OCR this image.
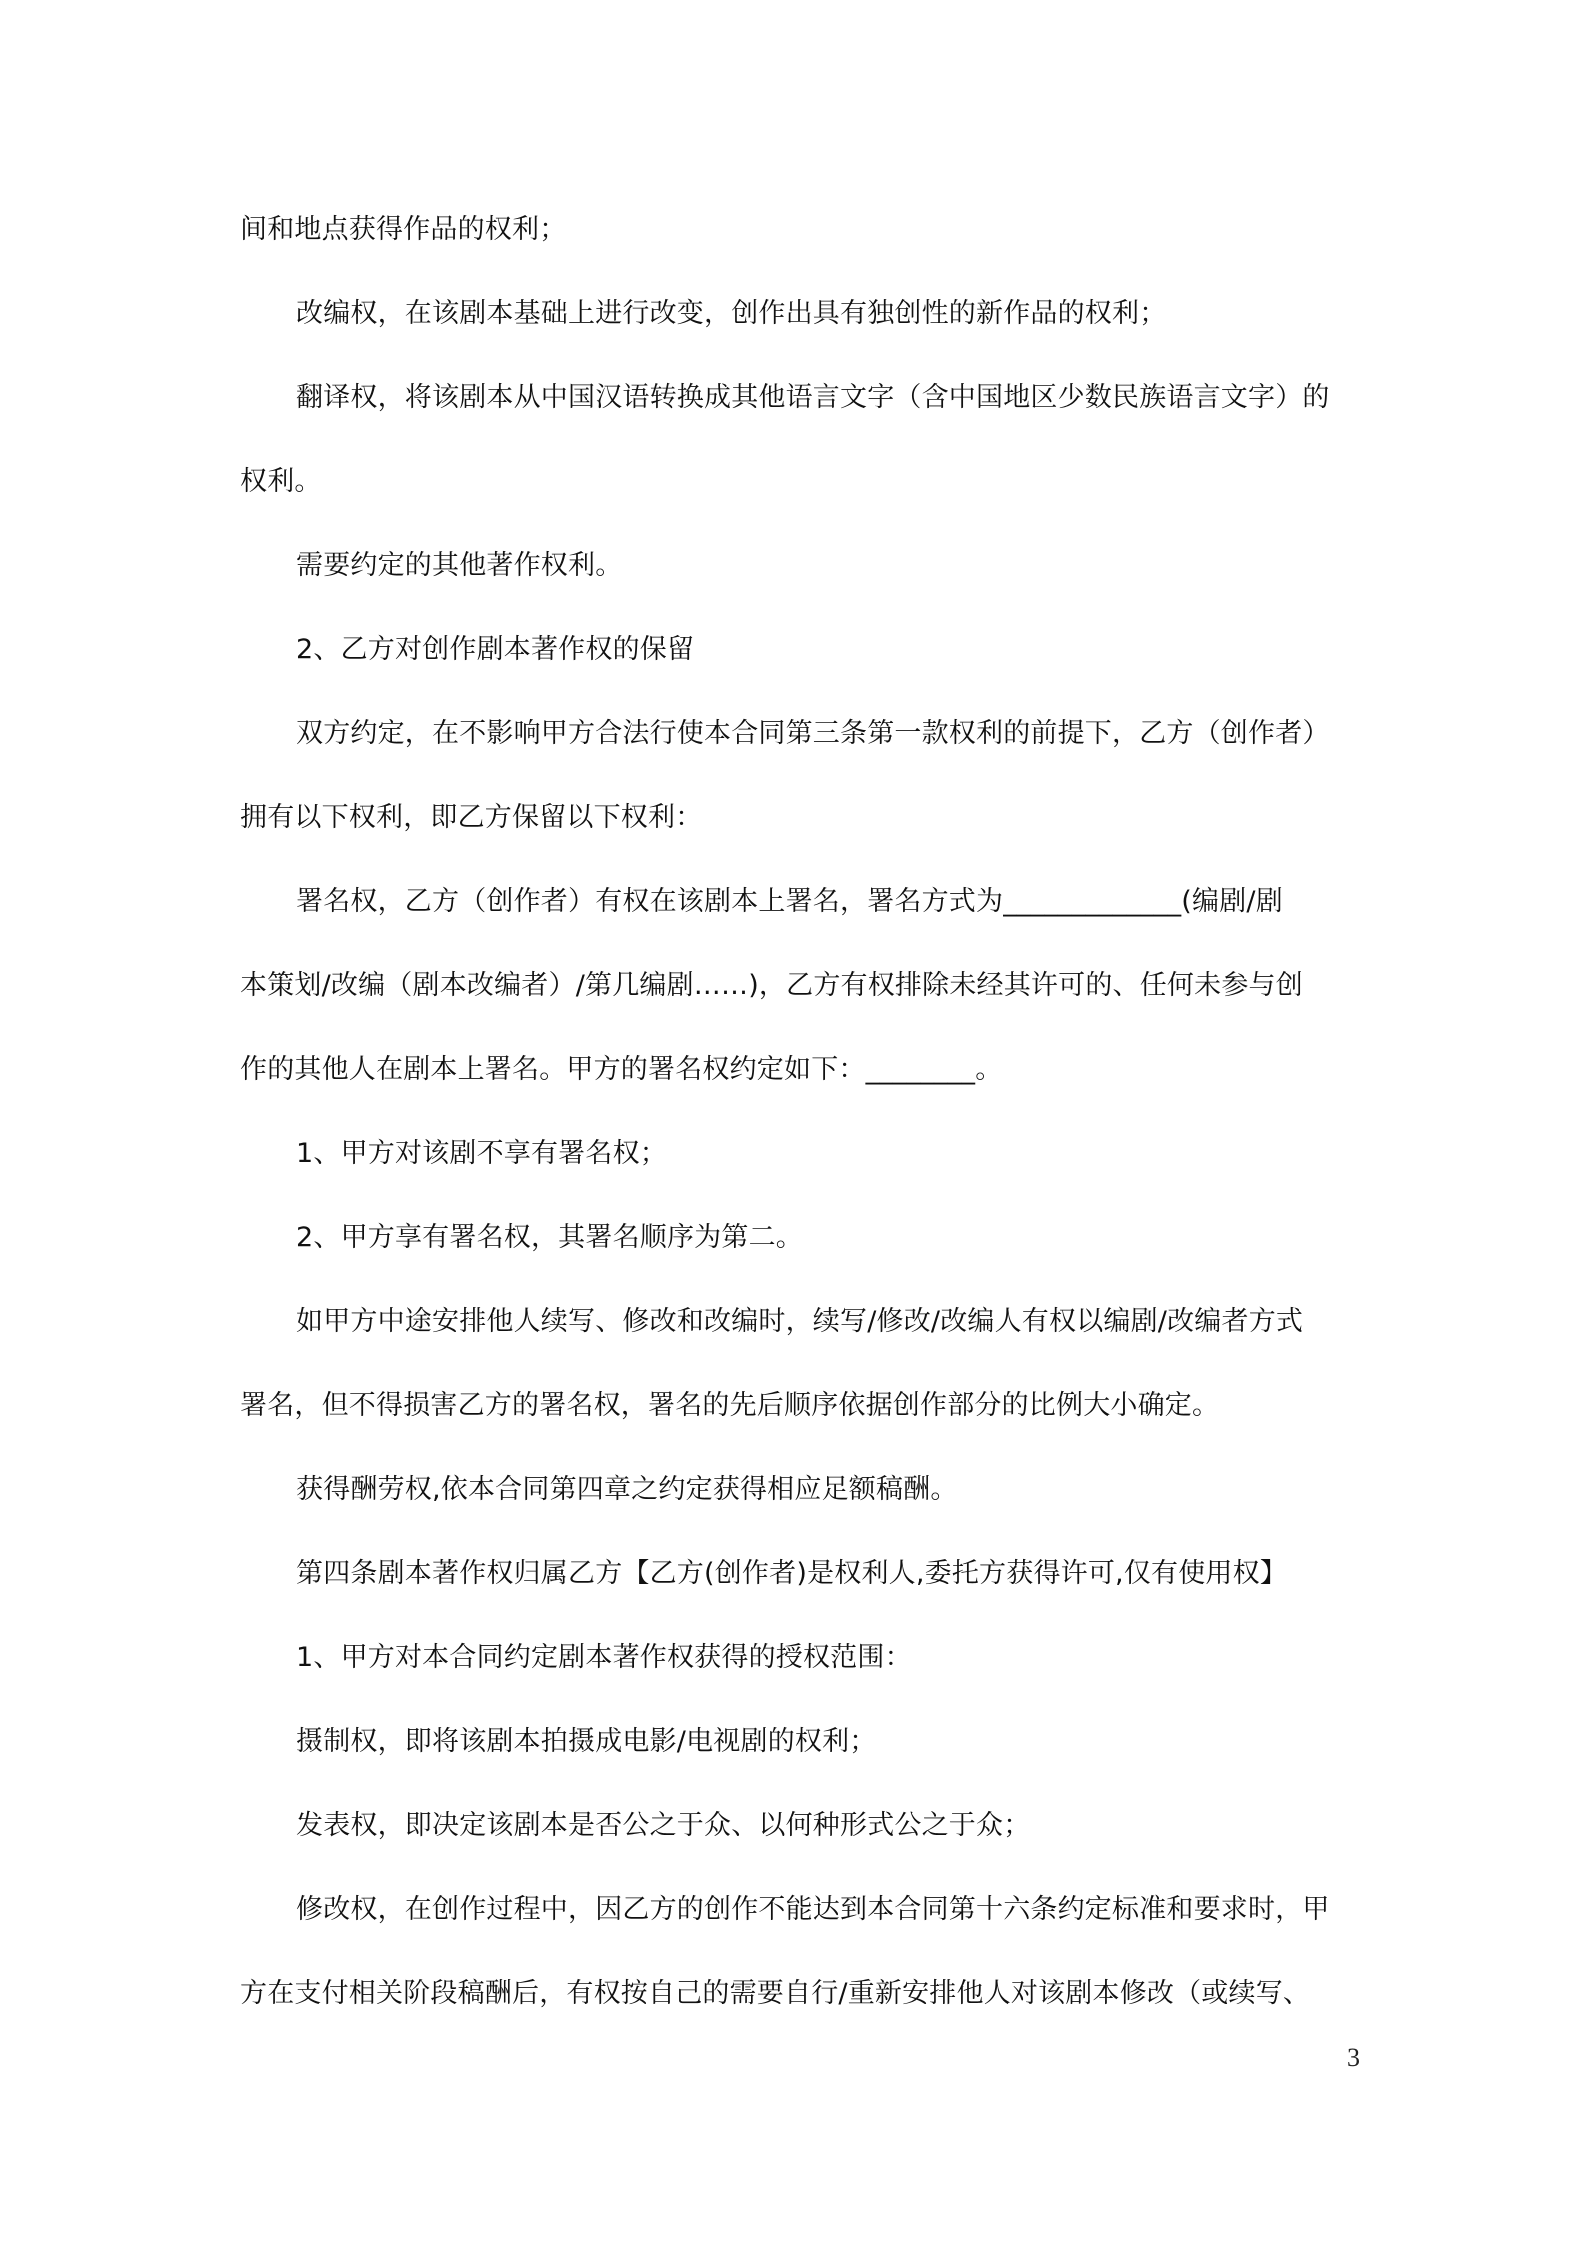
间和地点获得作品的权利；
改编权，在该剧本基础上进行改变，创作出具有独创性的新作品的权利；
翻译权，将该剧本从中国汉语转换成其他语言文字（含中国地区少数民族语言文字）的
权利。
需要约定的其他著作权利。
2、乙方对创作剧本著作权的保留
双方约定，在不影响甲方合法行使本合同第三条第一款权利的前提下，乙方（创作者）
拥有以下权利，即乙方保留以下权利：
署名权，乙方（创作者）有权在该剧本上署名，署名方式为_____________(编剧/剧
本策划/改编（剧本改编者）/第几编剧……)，乙方有权排除未经其许可的、任何未参与创
作的其他人在剧本上署名。甲方的署名权约定如下：________。
1、甲方对该剧不享有署名权；
2、甲方享有署名权，其署名顺序为第二。
如甲方中途安排他人续写、修改和改编时，续写/修改/改编人有权以编剧/改编者方式
署名，但不得损害乙方的署名权，署名的先后顺序依据创作部分的比例大小确定。
获得酬劳权,依本合同第四章之约定获得相应足额稿酬。
第四条剧本著作权归属乙方【乙方(创作者)是权利人,委托方获得许可,仅有使用权】
1、甲方对本合同约定剧本著作权获得的授权范围：
摄制权，即将该剧本拍摄成电影/电视剧的权利；
发表权，即决定该剧本是否公之于众、以何种形式公之于众；
修改权，在创作过程中，因乙方的创作不能达到本合同第十六条约定标准和要求时，甲
方在支付相关阶段稿酬后，有权按自己的需要自行/重新安排他人对该剧本修改（或续写、
3
